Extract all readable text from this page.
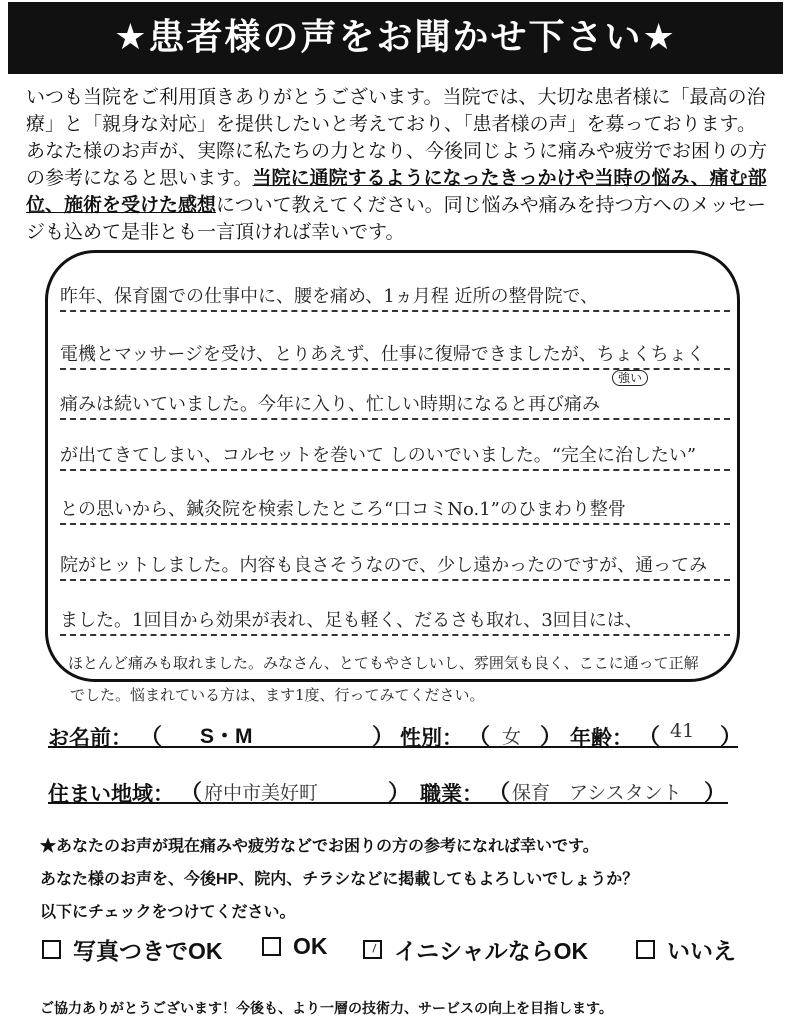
★患者様の声をお聞かせ下さい★
いつも当院をご利用頂きありがとうございます。当院では、大切な患者様に「最高の治療」と「親身な対応」を提供したいと考えており、「患者様の声」を募っております。あなた様のお声が、実際に私たちの力となり、今後同じように痛みや疲労でお困りの方の参考になると思います。当院に通院するようになったきっかけや当時の悩み、痛む部位、施術を受けた感想について教えてください。同じ悩みや痛みを持つ方へのメッセージも込めて是非とも一言頂ければ幸いです。
昨年、保育園での仕事中に、腰を痛め、1ヵ月程 近所の整骨院で、
電機とマッサージを受け、とりあえず、仕事に復帰できましたが、ちょくちょく
強い
痛みは続いていました。今年に入り、忙しい時期になると再び痛み
が出てきてしまい、コルセットを巻いて しのいでいました。“完全に治したい”
との思いから、鍼灸院を検索したところ“口コミNo.1”のひまわり整骨
院がヒットしました。内容も良さそうなので、少し遠かったのですが、通ってみ
ました。1回目から効果が表れ、足も軽く、だるさも取れ、3回目には、
ほとんど痛みも取れました。みなさん、とてもやさしいし、雰囲気も良く、ここに通って正解
でした。悩まれている方は、ます1度、行ってみてください。
お名前： （ S・M	） 性別： （ 女 ） 年齢： （ 41 ）
住まい地域： （ 府中市美好町	） 職業： （ 保育　アシスタント ）
★あなたのお声が現在痛みや疲労などでお困りの方の参考になれば幸いです。
あなた様のお声を、今後HP、院内、チラシなどに掲載してもよろしいでしょうか？
以下にチェックをつけてください。
写真つきでOK	OK	イニシャルならOK	いいえ
ご協力ありがとうございます！今後も、より一層の技術力、サービスの向上を目指します。
